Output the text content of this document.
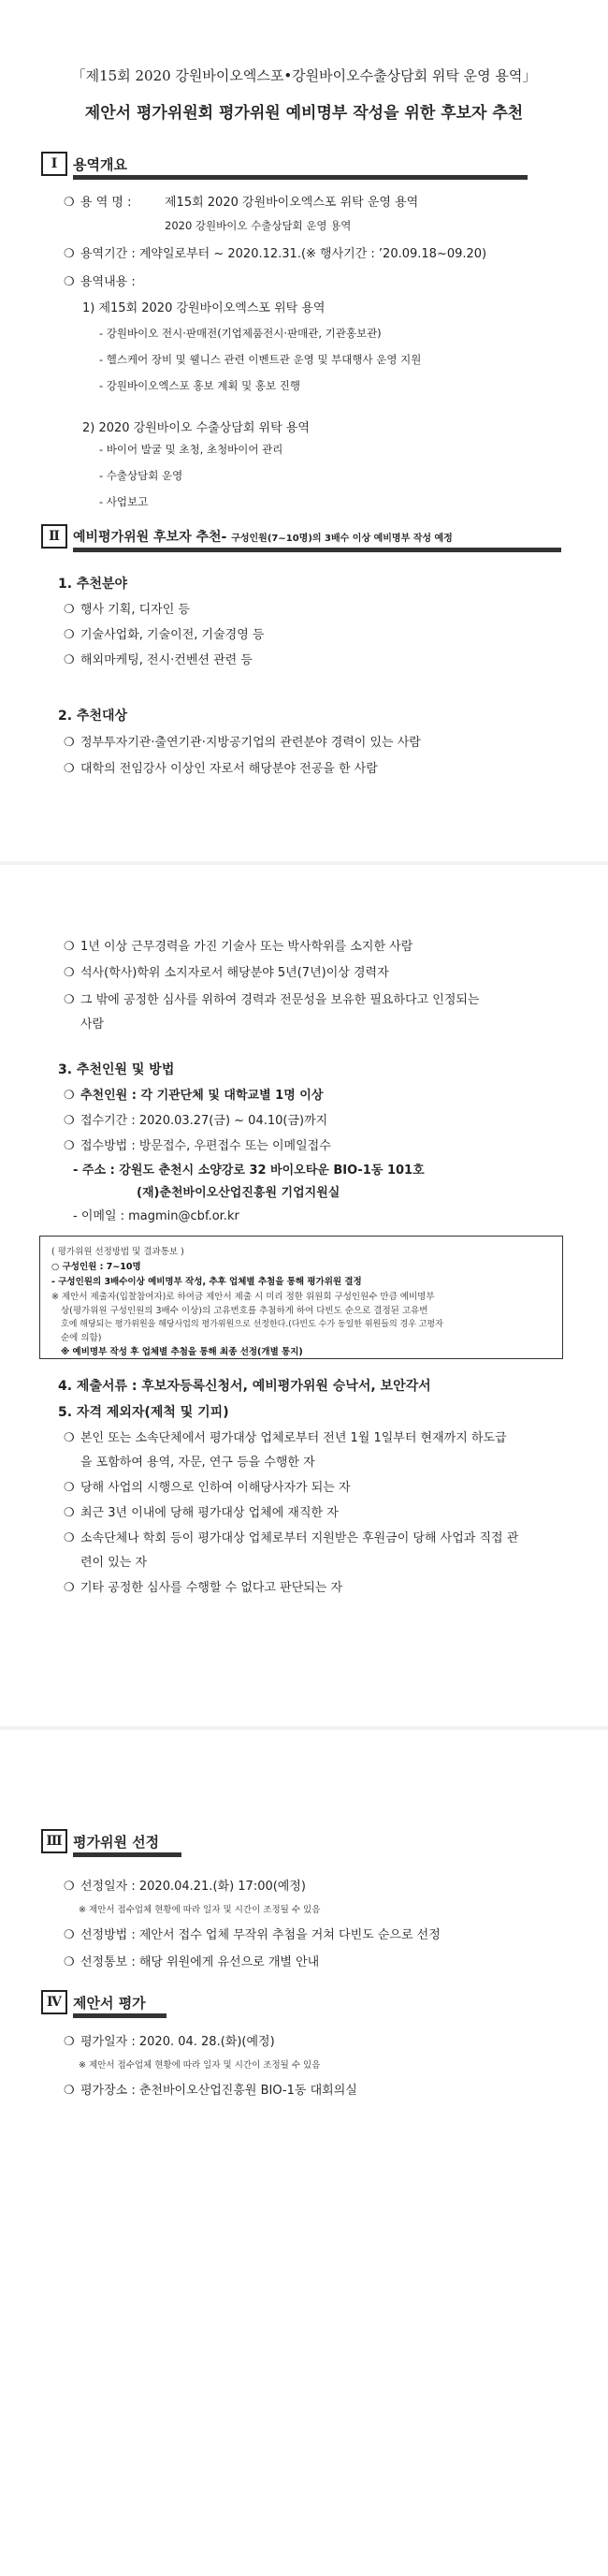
「제15회 2020 강원바이오엑스포•강원바이오수출상담회 위탁 운영 용역」
제안서 평가위원회 평가위원 예비명부 작성을 위한 후보자 추천
Ⅰ	용역개요
❍ 용 역 명 :	제15회 2020 강원바이오엑스포 위탁 운영 용역
2020 강원바이오 수출상담회 운영 용역
❍ 용역기간 : 계약일로부터 ~ 2020.12.31.(※ 행사기간 : ’20.09.18~09.20)
❍ 용역내용 :
1) 제15회 2020 강원바이오엑스포 위탁 용역
- 강원바이오 전시·판매전(기업제품전시·판매관, 기관홍보관)
- 헬스케어 장비 및 웰니스 관련 이벤트관 운영 및 부대행사 운영 지원
- 강원바이오엑스포 홍보 계획 및 홍보 진행
2) 2020 강원바이오 수출상담회 위탁 용역
- 바이어 발굴 및 초청, 초청바이어 관리
- 수출상담회 운영
- 사업보고
Ⅱ	예비평가위원 후보자 추천- 구성인원(7~10명)의 3배수 이상 예비명부 작성 예정
1. 추천분야
❍ 행사 기획, 디자인 등
❍ 기술사업화, 기술이전, 기술경영 등
❍ 해외마케팅, 전시·컨벤션 관련 등
2. 추천대상
❍ 정부투자기관·출연기관·지방공기업의 관련분야 경력이 있는 사람
❍ 대학의 전임강사 이상인 자로서 해당분야 전공을 한 사람
❍ 1년 이상 근무경력을 가진 기술사 또는 박사학위를 소지한 사람
❍ 석사(학사)학위 소지자로서 해당분야 5년(7년)이상 경력자
❍ 그 밖에 공정한 심사를 위하여 경력과 전문성을 보유한 필요하다고 인정되는
사람
3. 추천인원 및 방법
❍ 추천인원 : 각 기관단체 및 대학교별 1명 이상
❍ 접수기간 : 2020.03.27(금) ~ 04.10(금)까지
❍ 접수방법 : 방문접수, 우편접수 또는 이메일접수
- 주소 : 강원도 춘천시 소양강로 32 바이오타운 BIO-1동 101호
(재)춘천바이오산업진흥원 기업지원실
- 이메일 : magmin@cbf.or.kr
( 평가위원 선정방법 및 결과통보 )
○ 구성인원 : 7~10명
- 구성인원의 3배수이상 예비명부 작성, 추후 업체별 추첨을 통해 평가위원 결정
※ 제안서 제출자(입찰참여자)로 하여금 제안서 제출 시 미리 정한 위원회 구성인원수 만큼 예비명부
상(평가위원 구성인원의 3배수 이상)의 고유번호를 추첨하게 하여 다빈도 순으로 결정된 고유번
호에 해당되는 평가위원을 해당사업의 평가위원으로 선정한다.(다빈도 수가 동일한 위원들의 경우 고평자
순에 의함)
※ 예비명부 작성 후 업체별 추첨을 통해 최종 선정(개별 통지)
4. 제출서류 : 후보자등록신청서, 예비평가위원 승낙서, 보안각서
5. 자격 제외자(제척 및 기피)
❍ 본인 또는 소속단체에서 평가대상 업체로부터 전년 1월 1일부터 현재까지 하도급
을 포함하여 용역, 자문, 연구 등을 수행한 자
❍ 당해 사업의 시행으로 인하여 이해당사자가 되는 자
❍ 최근 3년 이내에 당해 평가대상 업체에 재직한 자
❍ 소속단체나 학회 등이 평가대상 업체로부터 지원받은 후원금이 당해 사업과 직접 관
련이 있는 자
❍ 기타 공정한 심사를 수행할 수 없다고 판단되는 자
Ⅲ 평가위원 선정
❍ 선정일자 : 2020.04.21.(화) 17:00(예정)
※ 제안서 접수업체 현황에 따라 일자 및 시간이 조정될 수 있음
❍ 선정방법 : 제안서 접수 업체 무작위 추첨을 거쳐 다빈도 순으로 선정
❍ 선정통보 : 해당 위원에게 유선으로 개별 안내
Ⅳ 제안서 평가
❍ 평가일자 : 2020. 04. 28.(화)(예정)
※ 제안서 접수업체 현황에 따라 일자 및 시간이 조정될 수 있음
❍ 평가장소 : 춘천바이오산업진흥원 BIO-1동 대회의실
